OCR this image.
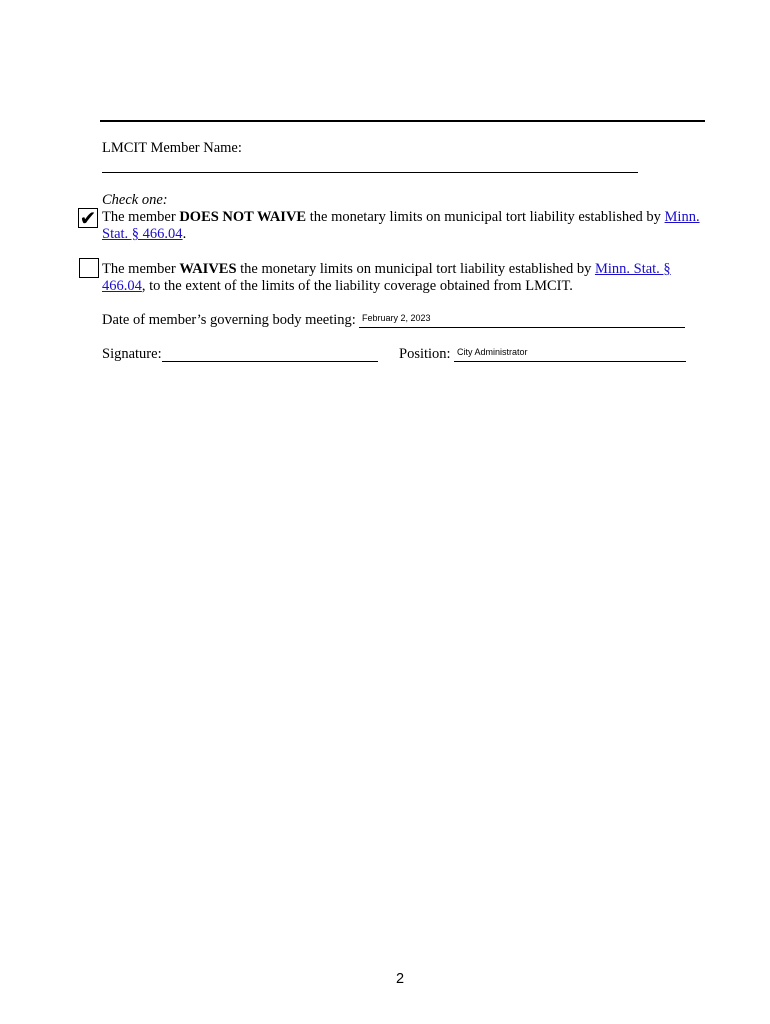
LMCIT Member Name:
Check one:
✔ The member DOES NOT WAIVE the monetary limits on municipal tort liability established by Minn. Stat. § 466.04.
The member WAIVES the monetary limits on municipal tort liability established by Minn. Stat. § 466.04, to the extent of the limits of the liability coverage obtained from LMCIT.
Date of member’s governing body meeting: February 2, 2023
Signature:	Position: City Administrator
2
